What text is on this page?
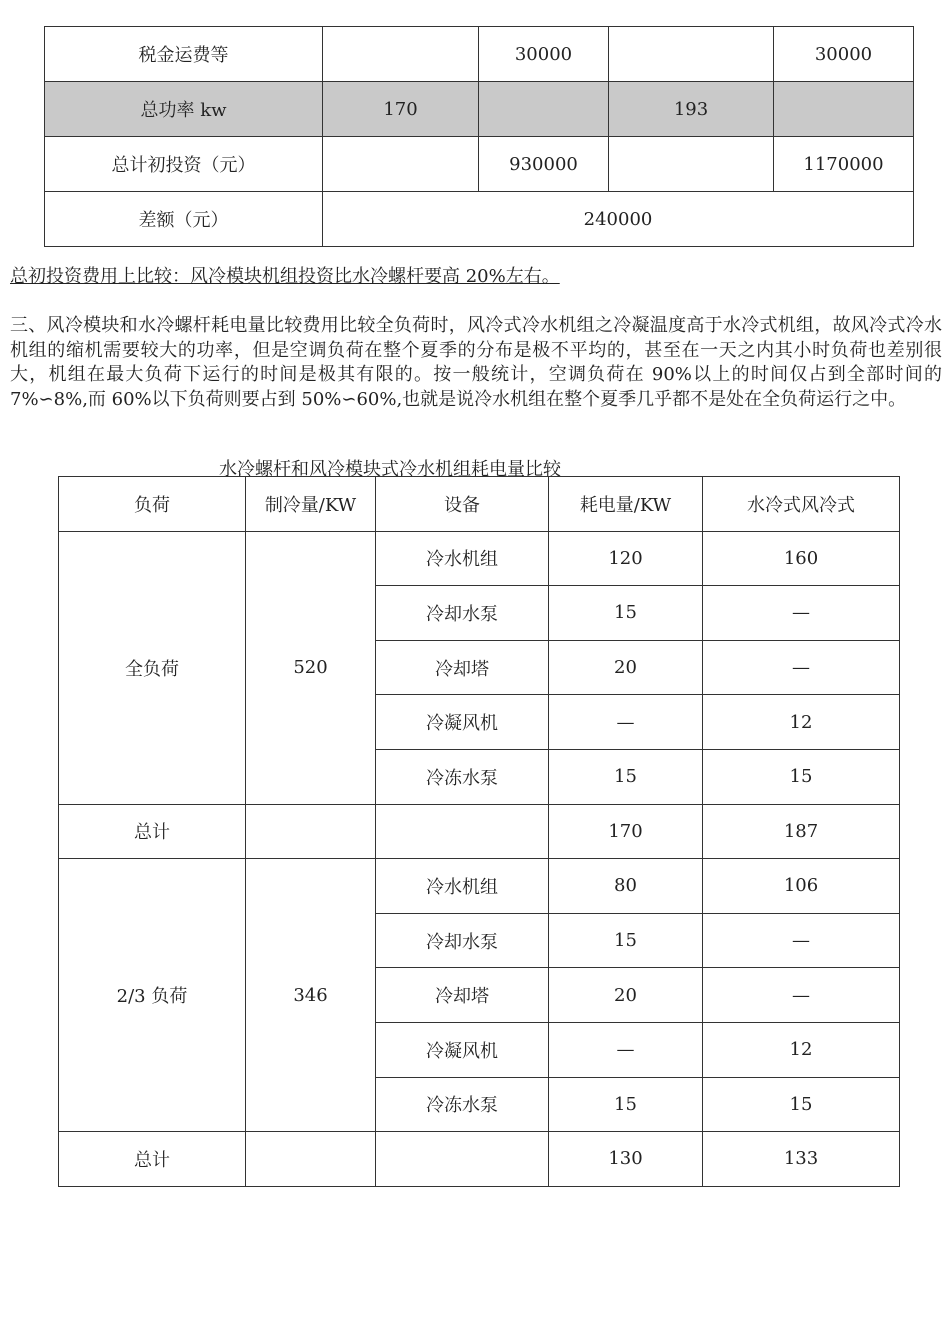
税金运费等		30000		30000
总功率 kw	170		193	
总计初投资（元）		930000		1170000
差额（元）	240000			
总初投资费用上比较：风冷模块机组投资比水冷螺杆要高 20%左右。

三、风冷模块和水冷螺杆耗电量比较费用比较全负荷时，风冷式冷水机组之冷凝温度高于水冷式机组，故风冷式冷水机组的缩机需要较大的功率，但是空调负荷在整个夏季的分布是极不平均的，甚至在一天之内其小时负荷也差别很大，机组在最大负荷下运行的时间是极其有限的。按一般统计，空调负荷在 90%以上的时间仅占到全部时间的 7%∽8%,而 60%以下负荷则要占到 50%∽60%,也就是说冷水机组在整个夏季几乎都不是处在全负荷运行之中。

水冷螺杆和风冷模块式冷水机组耗电量比较
负荷	制冷量/KW	设备	耗电量/KW	水冷式风冷式
全负荷	520	冷水机组	120	160
		冷却水泵	15	—
		冷却塔	20	—
		冷凝风机	—	12
		冷冻水泵	15	15
总计			170	187
2/3 负荷	346	冷水机组	80	106
		冷却水泵	15	—
		冷却塔	20	—
		冷凝风机	—	12
		冷冻水泵	15	15
总计			130	133
